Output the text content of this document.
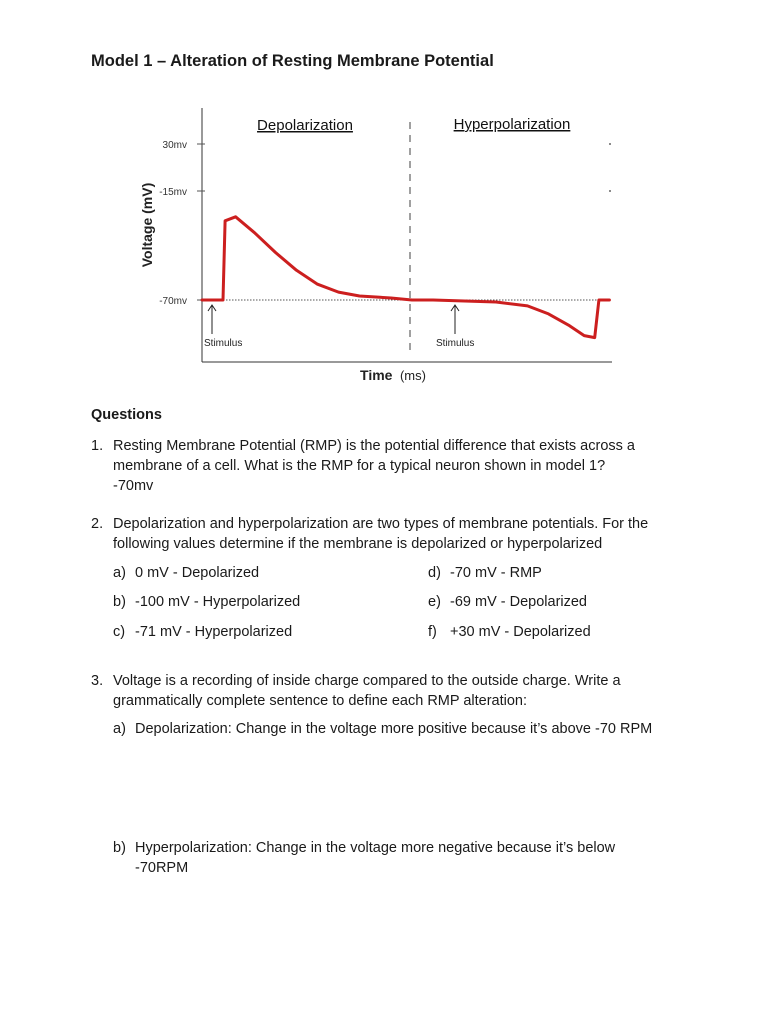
Model 1 – Alteration of Resting Membrane Potential
30mv
-15mv
-70mv
Voltage (mV)
Depolarization	Hyperpolarization
Stimulus	Stimulus
Time (ms)
Questions
1. Resting Membrane Potential (RMP) is the potential difference that exists across a membrane of a cell. What is the RMP for a typical neuron shown in model 1?
-70mv
2. Depolarization and hyperpolarization are two types of membrane potentials. For the following values determine if the membrane is depolarized or hyperpolarized
a) 0 mV - Depolarized
b) -100 mV - Hyperpolarized
c) -71 mV - Hyperpolarized
d) -70 mV - RMP
e) -69 mV - Depolarized
f) +30 mV - Depolarized
3. Voltage is a recording of inside charge compared to the outside charge. Write a grammatically complete sentence to define each RMP alteration:
a) Depolarization: Change in the voltage more positive because it’s above -70 RPM
b) Hyperpolarization: Change in the voltage more negative because it’s below -70RPM
